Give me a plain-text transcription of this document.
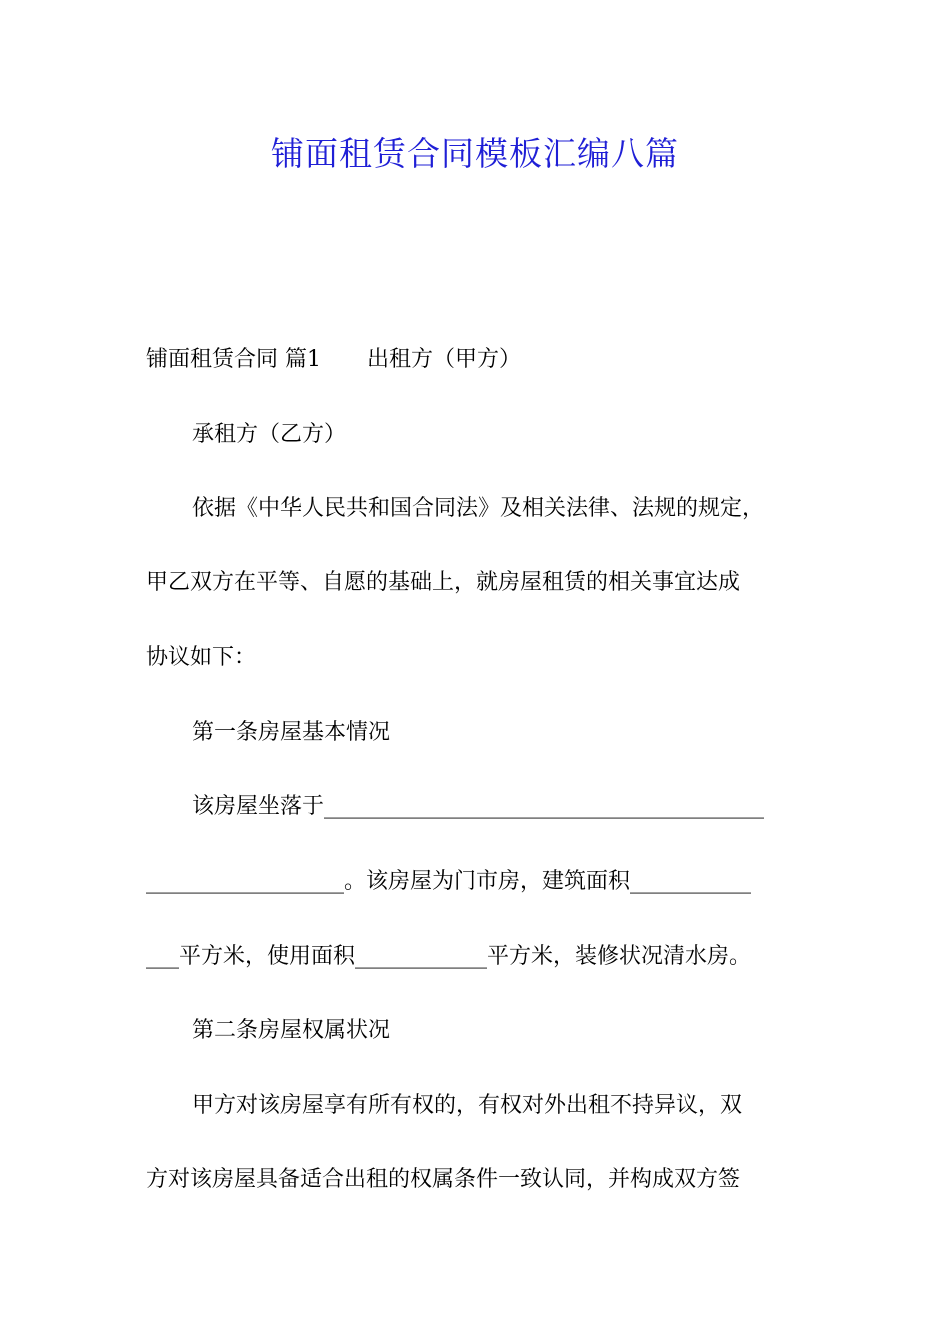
铺面租赁合同模板汇编八篇
铺面租赁合同 篇1 出租方（甲方）
承租方（乙方）
依据《中华人民共和国合同法》及相关法律、法规的规定，
甲乙双方在平等、自愿的基础上，就房屋租赁的相关事宜达成
协议如下：
第一条房屋基本情况
该房屋坐落于________________________________________
__________________。该房屋为门市房，建筑面积___________
___平方米，使用面积____________平方米，装修状况清水房。
第二条房屋权属状况
甲方对该房屋享有所有权的，有权对外出租不持异议，双
方对该房屋具备适合出租的权属条件一致认同，并构成双方签
